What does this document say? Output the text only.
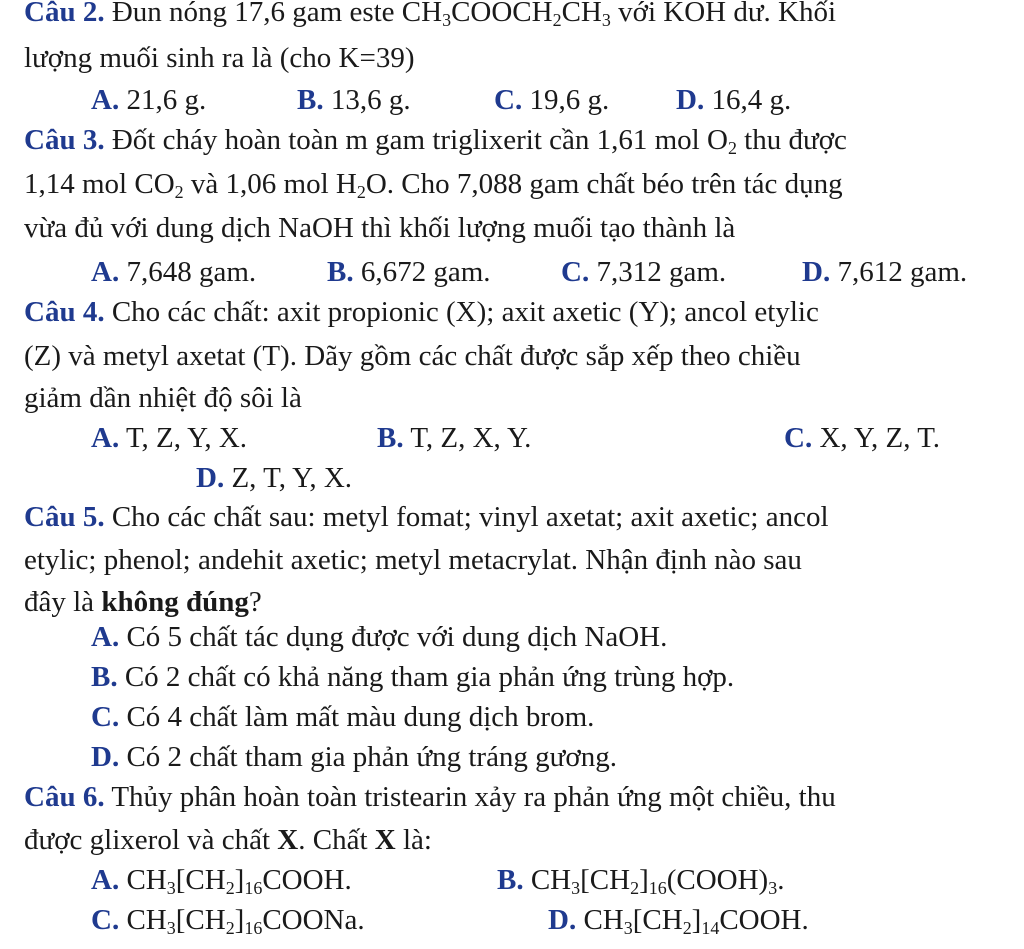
Câu 2. Đun nóng 17,6 gam este $CH_3COOCH_2CH_3$ với KOH dư. Khối
lượng muối sinh ra là (cho K=39)
A. 21,6 g.	B. 13,6 g.	C. 19,6 g. D. 16,4 g.
Câu 3. Đốt cháy hoàn toàn m gam triglixerit cần 1,61 mol $O_2$ thu được
1,14 mol $CO_2$ và 1,06 mol $H_2O$. Cho 7,088 gam chất béo trên tác dụng
vừa đủ với dung dịch NaOH thì khối lượng muối tạo thành là
A. 7,648 gam. B. 6,672 gam. C. 7,312 gam.	D. 7,612 gam.
Câu 4. Cho các chất: axit propionic (X); axit axetic (Y); ancol etylic
(Z) và metyl axetat (T). Dãy gồm các chất được sắp xếp theo chiều
giảm dần nhiệt độ sôi là
A. T, Z, Y, X.	B. T, Z, X, Y.	C. X, Y, Z, T.
D. Z, T, Y, X.
Câu 5. Cho các chất sau: metyl fomat; vinyl axetat; axit axetic; ancol
etylic; phenol; andehit axetic; metyl metacrylat. Nhận định nào sau
đây là không đúng?
A. Có 5 chất tác dụng được với dung dịch NaOH.
B. Có 2 chất có khả năng tham gia phản ứng trùng hợp.
C. Có 4 chất làm mất màu dung dịch brom.
D. Có 2 chất tham gia phản ứng tráng gương.
Câu 6. Thủy phân hoàn toàn tristearin xảy ra phản ứng một chiều, thu
được glixerol và chất X. Chất X là:
A. $CH_3[CH_2]_{16}COOH$.	B. $CH_3[CH_2]_{16}(COOH)_3$.
C. $CH_3[CH_2]_{16}COONa$.	D. $CH_3[CH_2]_{14}COOH$.
